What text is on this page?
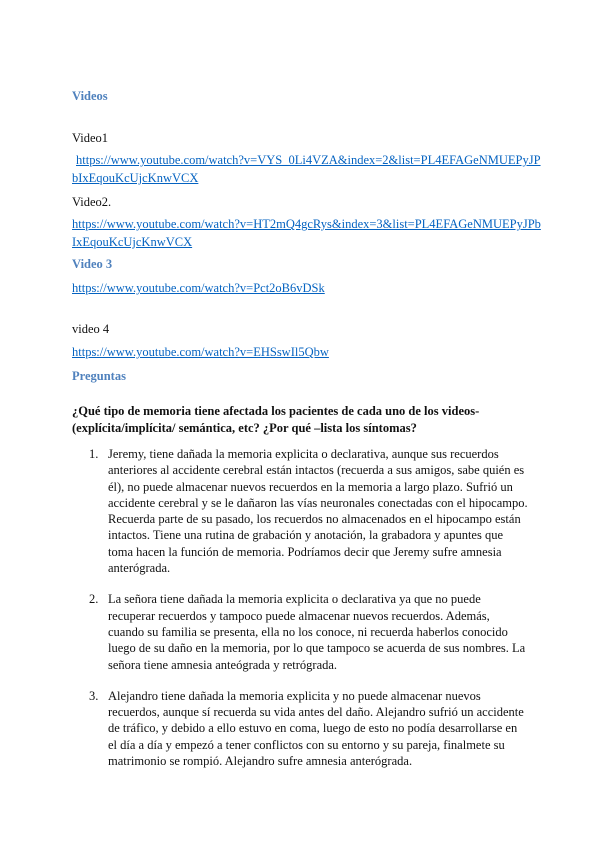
Videos
Video1
https://www.youtube.com/watch?v=VYS_0Li4VZA&index=2&list=PL4EFAGeNMUEPyJP
bIxEqouKcUjcKnwVCX
Video2.
https://www.youtube.com/watch?v=HT2mQ4gcRys&index=3&list=PL4EFAGeNMUEPyJPb
IxEqouKcUjcKnwVCX
Video 3
https://www.youtube.com/watch?v=Pct2oB6vDSk
video 4
https://www.youtube.com/watch?v=EHSswIl5Qbw
Preguntas
¿Qué tipo de memoria tiene afectada los pacientes de cada uno de los videos-
(explícita/implícita/ semántica, etc? ¿Por qué –lista los síntomas?
1. Jeremy, tiene dañada la memoria explicita o declarativa, aunque sus recuerdos anteriores al accidente cerebral están intactos (recuerda a sus amigos, sabe quién es él), no puede almacenar nuevos recuerdos en la memoria a largo plazo. Sufrió un accidente cerebral y se le dañaron las vías neuronales conectadas con el hipocampo. Recuerda parte de su pasado, los recuerdos no almacenados en el hipocampo están intactos. Tiene una rutina de grabación y anotación, la grabadora y apuntes que toma hacen la función de memoria. Podríamos decir que Jeremy sufre amnesia anterógrada.
2. La señora tiene dañada la memoria explicita o declarativa ya que no puede recuperar recuerdos y tampoco puede almacenar nuevos recuerdos. Además, cuando su familia se presenta, ella no los conoce, ni recuerda haberlos conocido luego de su daño en la memoria, por lo que tampoco se acuerda de sus nombres. La señora tiene amnesia anteógrada y retrógrada.
3. Alejandro tiene dañada la memoria explicita y no puede almacenar nuevos recuerdos, aunque sí recuerda su vida antes del daño. Alejandro sufrió un accidente de tráfico, y debido a ello estuvo en coma, luego de esto no podía desarrollarse en el día a día y empezó a tener conflictos con su entorno y su pareja, finalmete su matrimonio se rompió. Alejandro sufre amnesia anterógrada.
